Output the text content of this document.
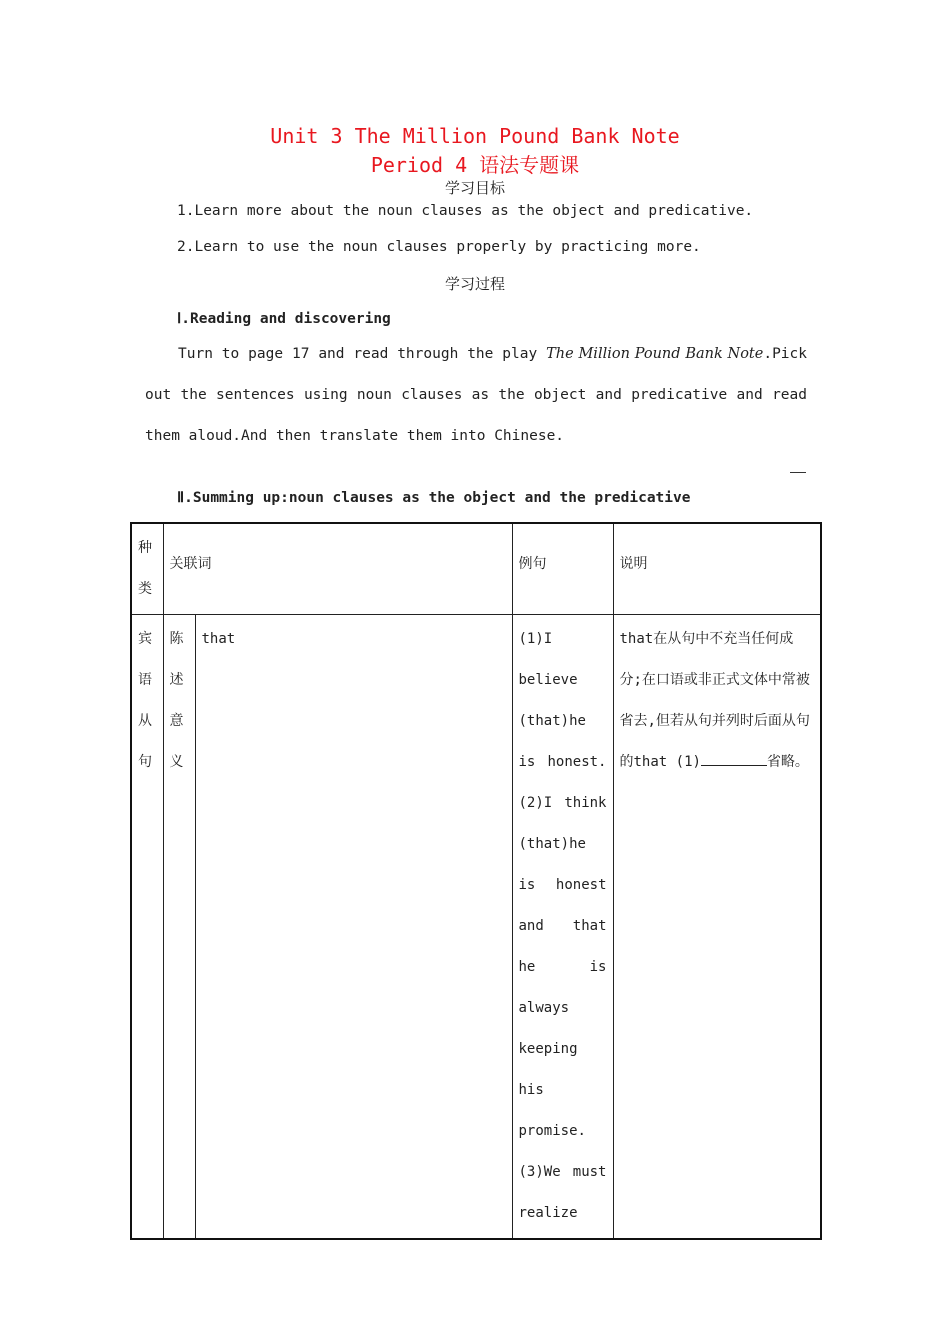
Unit 3 The Million Pound Bank Note
Period 4 语法专题课
学习目标
1.Learn more about the noun clauses as the object and predicative.
2.Learn to use the noun clauses properly by practicing more.
学习过程
Ⅰ.Reading and discovering
Turn to page 17 and read through the play The Million Pound Bank Note.Pick out the sentences using noun clauses as the object and predicative and read them aloud.And then translate them into Chinese.
Ⅱ.Summing up:noun clauses as the object and the predicative
种类	关联词		例句	说明

宾语从句	陈述意义	that	(1)I believe (that)he is honest. (2)I think (that)he is honest and that he is always keeping his promise. (3)We must realize	that在从句中不充当任何成分;在口语或非正式文体中常被省去,但若从句并列时后面从句的that (1) 省略。
